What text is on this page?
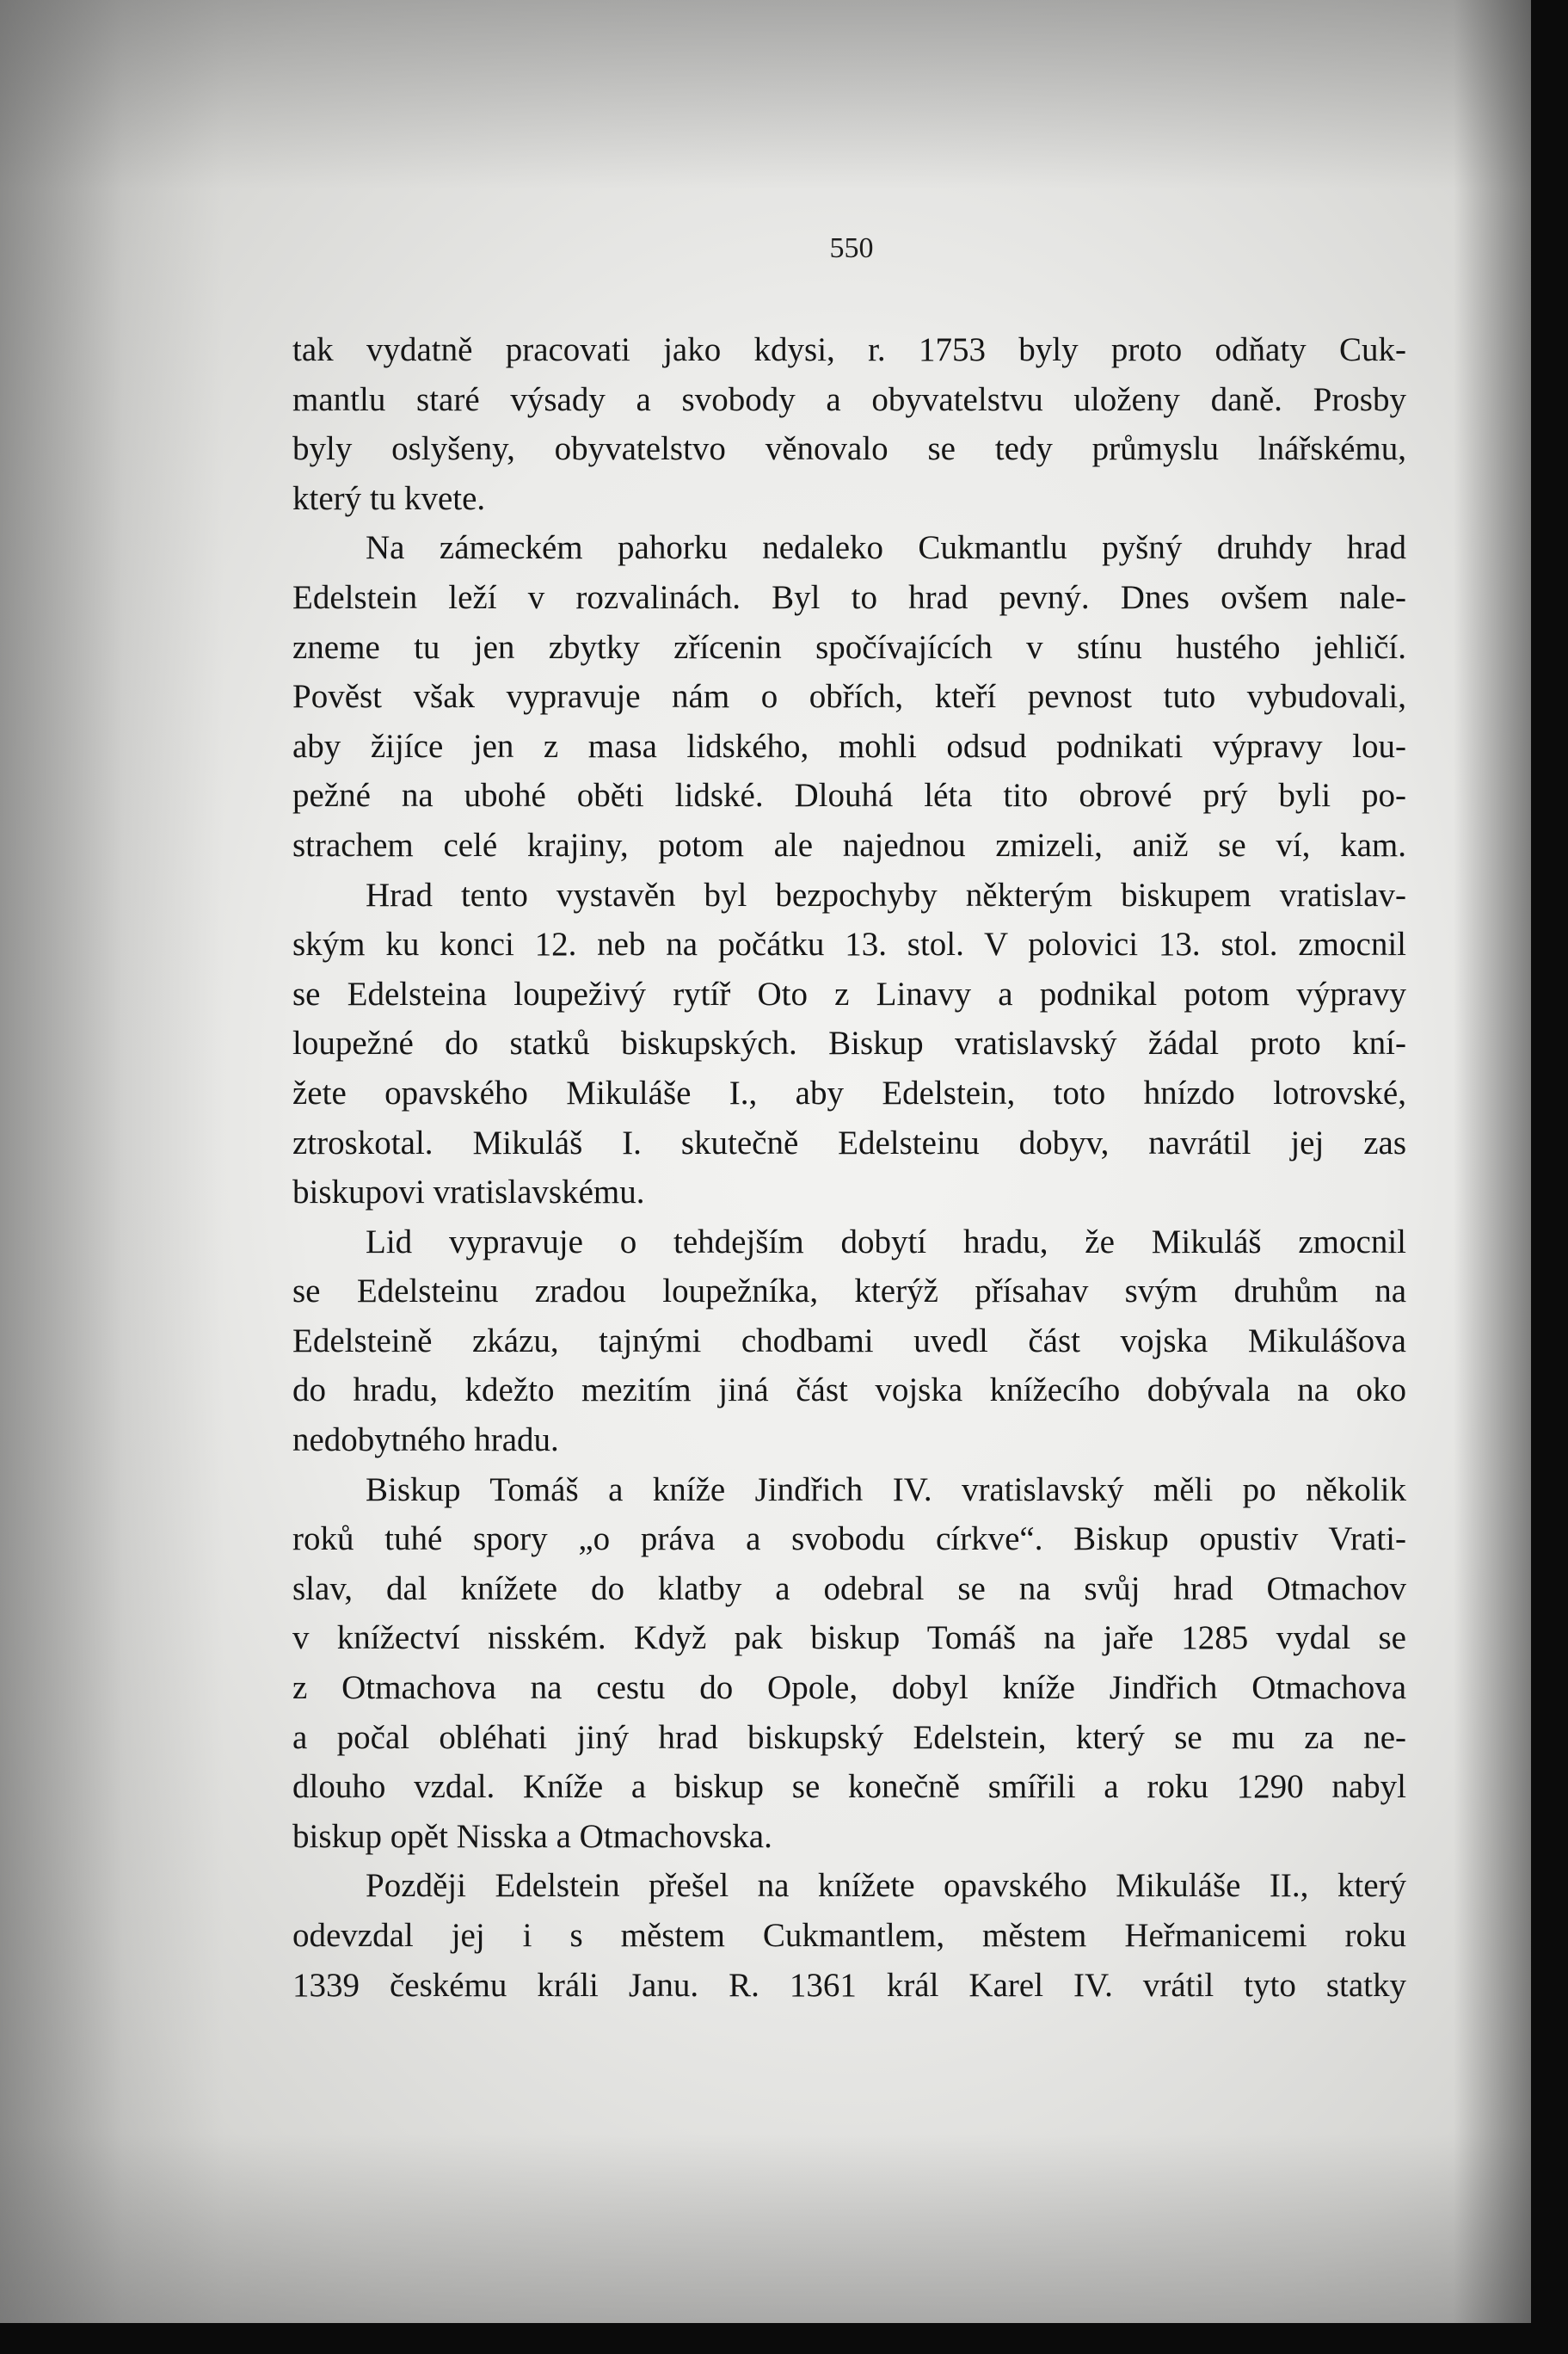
550
tak vydatně pracovati jako kdysi, r. 1753 byly proto odňaty Cuk-
mantlu staré výsady a svobody a obyvatelstvu uloženy daně. Prosby
byly oslyšeny, obyvatelstvo věnovalo se tedy průmyslu lnářskému,
který tu kvete.
Na zámeckém pahorku nedaleko Cukmantlu pyšný druhdy hrad
Edelstein leží v rozvalinách. Byl to hrad pevný. Dnes ovšem nale-
zneme tu jen zbytky zřícenin spočívajících v stínu hustého jehličí.
Pověst však vypravuje nám o obřích, kteří pevnost tuto vybudovali,
aby žijíce jen z masa lidského, mohli odsud podnikati výpravy lou-
pežné na ubohé oběti lidské. Dlouhá léta tito obrové prý byli po-
strachem celé krajiny, potom ale najednou zmizeli, aniž se ví, kam.
Hrad tento vystavěn byl bezpochyby některým biskupem vratislav-
ským ku konci 12. neb na počátku 13. stol. V polovici 13. stol. zmocnil
se Edelsteina loupeživý rytíř Oto z Linavy a podnikal potom výpravy
loupežné do statků biskupských. Biskup vratislavský žádal proto kní-
žete opavského Mikuláše I., aby Edelstein, toto hnízdo lotrovské,
ztroskotal. Mikuláš I. skutečně Edelsteinu dobyv, navrátil jej zas
biskupovi vratislavskému.
Lid vypravuje o tehdejším dobytí hradu, že Mikuláš zmocnil
se Edelsteinu zradou loupežníka, kterýž přísahav svým druhům na
Edelsteině zkázu, tajnými chodbami uvedl část vojska Mikulášova
do hradu, kdežto mezitím jiná část vojska knížecího dobývala na oko
nedobytného hradu.
Biskup Tomáš a kníže Jindřich IV. vratislavský měli po několik
roků tuhé spory „o práva a svobodu církve“. Biskup opustiv Vrati-
slav, dal knížete do klatby a odebral se na svůj hrad Otmachov
v knížectví nisském. Když pak biskup Tomáš na jaře 1285 vydal se
z Otmachova na cestu do Opole, dobyl kníže Jindřich Otmachova
a počal obléhati jiný hrad biskupský Edelstein, který se mu za ne-
dlouho vzdal. Kníže a biskup se konečně smířili a roku 1290 nabyl
biskup opět Nisska a Otmachovska.
Později Edelstein přešel na knížete opavského Mikuláše II., který
odevzdal jej i s městem Cukmantlem, městem Heřmanicemi roku
1339 českému králi Janu. R. 1361 král Karel IV. vrátil tyto statky
